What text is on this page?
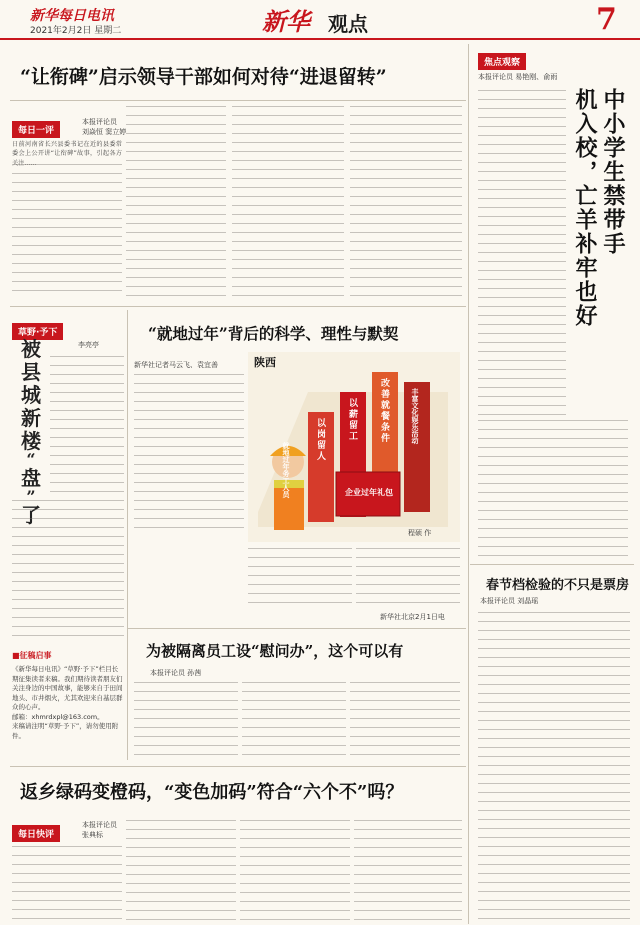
新华每日电讯
2021年2月2日 星期二	新华 观点	7
“让衔碑”启示领导干部如何对待“进退留转”
每日一评
本报评论员
刘焱恒 窦立婷
日前河南省长兴县委书记在近的县委常委会上公开讲“让衔碑”故事，引起各方关注……
草野·予下
李亮亭
被
县
城
新
楼
“
盘
”
了
■征稿启事
《新华每日电讯》“草野·予下”栏目长期征集读者来稿。我们期待读者朋友们关注身边的中国故事，能够来自于田间地头、市井烟火，尤其欢迎来自基层群众的心声。
邮箱：xhmrdxpl@163.com。
来稿请注明“草野·予下”，请勿使用附件。
“就地过年”背后的科学、理性与默契
新华社记者马云飞、袁宜善	陕西
就地过年务工人员
以岗留人 以薪留工 改善就餐条件	丰富文化娱乐活动
企业过年礼包
程硕 作
新华社北京2月1日电
为被隔离员工设“慰问办”，这个可以有
本报评论员 孙茜
返乡绿码变橙码，“变色加码”符合“六个不”吗？
每日快评
本报评论员
张典标
焦点观察
本报评论员 易艳刚、俞雨
中小学生禁带手
机入校，亡羊补牢也好
春节档检验的不只是票房
本报评论员 刘晶瑶
